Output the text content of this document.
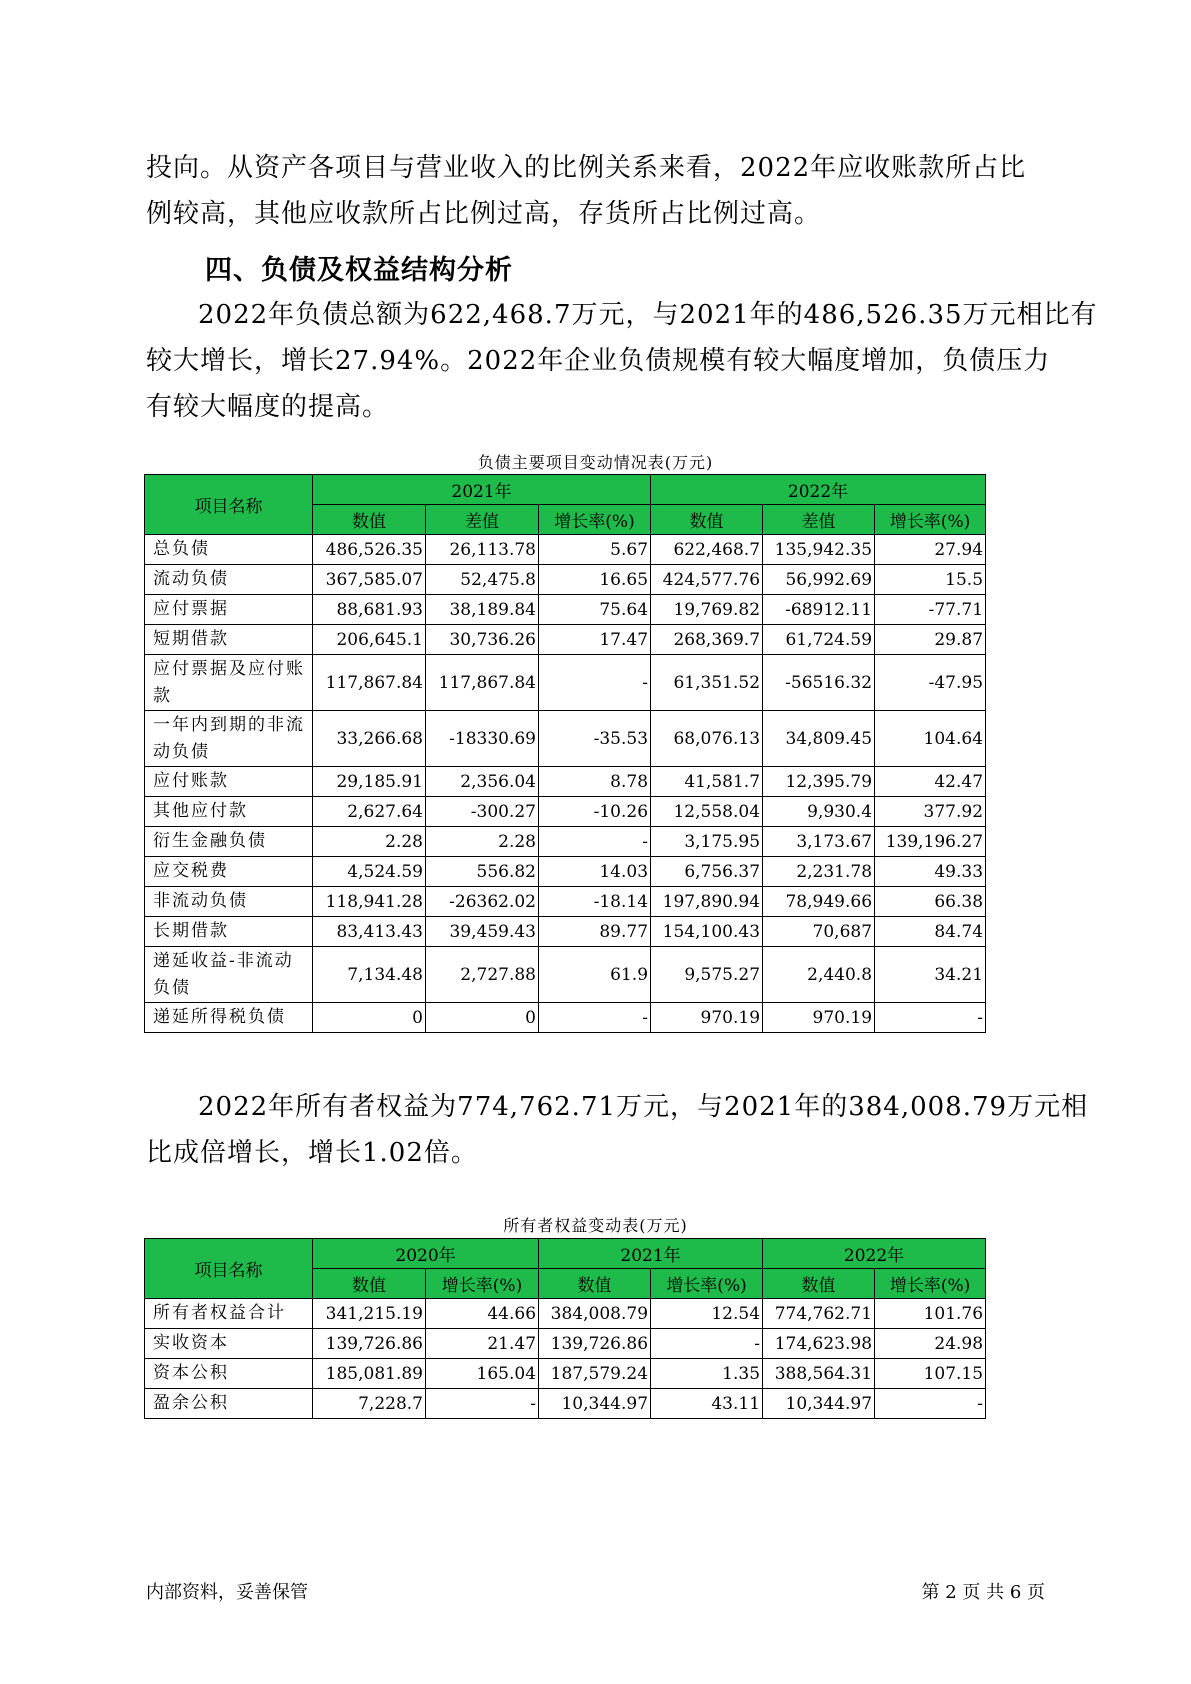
投向。从资产各项目与营业收入的比例关系来看，2022年应收账款所占比
例较高，其他应收款所占比例过高，存货所占比例过高。

四、负债及权益结构分析

2022年负债总额为622,468.7万元，与2021年的486,526.35万元相比有
较大增长，增长27.94%。2022年企业负债规模有较大幅度增加，负债压力
有较大幅度的提高。

负债主要项目变动情况表(万元)
项目名称	2021年			2022年		
	数值	差值	增长率(%)	数值	差值	增长率(%)
总负债	486,526.35	26,113.78	5.67	622,468.7	135,942.35	27.94
流动负债	367,585.07	52,475.8	16.65	424,577.76	56,992.69	15.5
应付票据	88,681.93	38,189.84	75.64	19,769.82	-68912.11	-77.71
短期借款	206,645.1	30,736.26	17.47	268,369.7	61,724.59	29.87
应付票据及应付账款	117,867.84	117,867.84	-	61,351.52	-56516.32	-47.95
一年内到期的非流动负债	33,266.68	-18330.69	-35.53	68,076.13	34,809.45	104.64
应付账款	29,185.91	2,356.04	8.78	41,581.7	12,395.79	42.47
其他应付款	2,627.64	-300.27	-10.26	12,558.04	9,930.4	377.92
衍生金融负债	2.28	2.28	-	3,175.95	3,173.67	139,196.27
应交税费	4,524.59	556.82	14.03	6,756.37	2,231.78	49.33
非流动负债	118,941.28	-26362.02	-18.14	197,890.94	78,949.66	66.38
长期借款	83,413.43	39,459.43	89.77	154,100.43	70,687	84.74
递延收益-非流动负债	7,134.48	2,727.88	61.9	9,575.27	2,440.8	34.21
递延所得税负债	0	0	-	970.19	970.19	-

2022年所有者权益为774,762.71万元，与2021年的384,008.79万元相
比成倍增长，增长1.02倍。

所有者权益变动表(万元)
项目名称	2020年		2021年		2022年	
	数值	增长率(%)	数值	增长率(%)	数值	增长率(%)
所有者权益合计	341,215.19	44.66	384,008.79	12.54	774,762.71	101.76
实收资本	139,726.86	21.47	139,726.86	-	174,623.98	24.98
资本公积	185,081.89	165.04	187,579.24	1.35	388,564.31	107.15
盈余公积	7,228.7	-	10,344.97	43.11	10,344.97	-
内部资料，妥善保管	第 2 页 共 6 页
